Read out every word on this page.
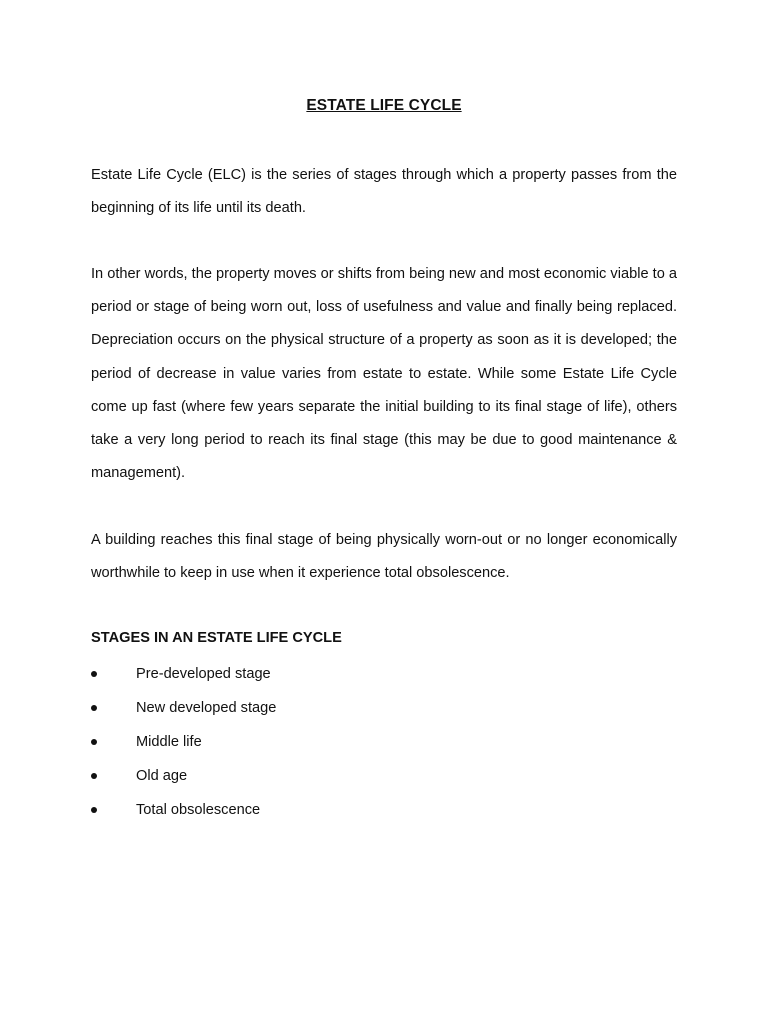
ESTATE LIFE CYCLE

Estate Life Cycle (ELC) is the series of stages through which a property passes from the beginning of its life until its death.

In other words, the property moves or shifts from being new and most economic viable to a period or stage of being worn out, loss of usefulness and value and finally being replaced. Depreciation occurs on the physical structure of a property as soon as it is developed; the period of decrease in value varies from estate to estate. While some Estate Life Cycle come up fast (where few years separate the initial building to its final stage of life), others take a very long period to reach its final stage (this may be due to good maintenance & management).

A building reaches this final stage of being physically worn-out or no longer economically worthwhile to keep in use when it experience total obsolescence.

STAGES IN AN ESTATE LIFE CYCLE
Pre-developed stage
New developed stage
Middle life
Old age
Total obsolescence
